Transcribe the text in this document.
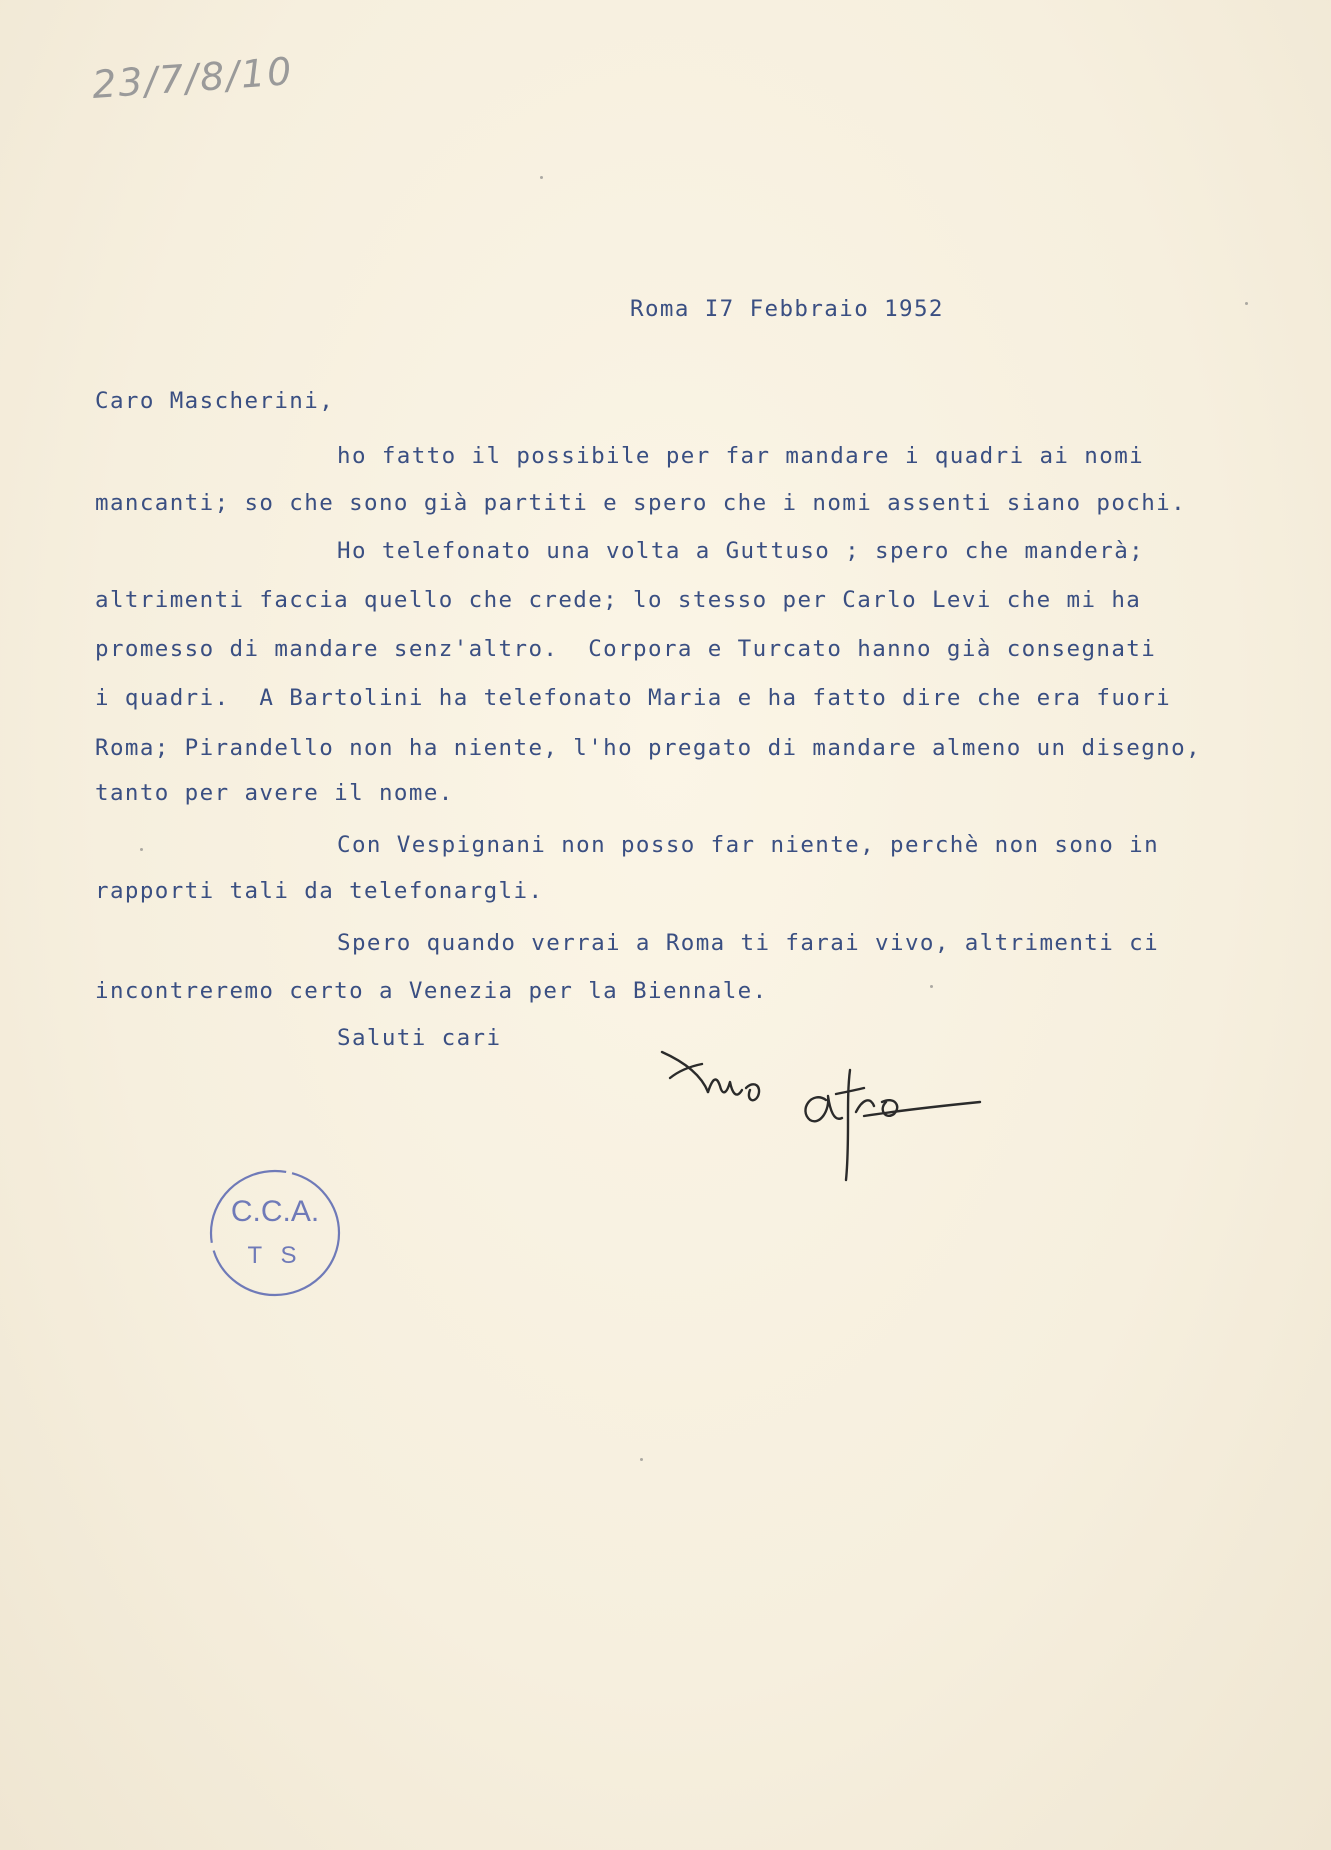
23/7/8/10
Roma I7 Febbraio 1952
Caro Mascherini,
ho fatto il possibile per far mandare i quadri ai nomi
mancanti; so che sono già partiti e spero che i nomi assenti siano pochi.
Ho telefonato una volta a Guttuso ; spero che manderà;
altrimenti faccia quello che crede; lo stesso per Carlo Levi che mi ha
promesso di mandare senz'altro.  Corpora e Turcato hanno già consegnati
i quadri.  A Bartolini ha telefonato Maria e ha fatto dire che era fuori
Roma; Pirandello non ha niente, l'ho pregato di mandare almeno un disegno,
tanto per avere il nome.
Con Vespignani non posso far niente, perchè non sono in
rapporti tali da telefonargli.
Spero quando verrai a Roma ti farai vivo, altrimenti ci
incontreremo certo a Venezia per la Biennale.
Saluti cari
C.C.A.
T S
